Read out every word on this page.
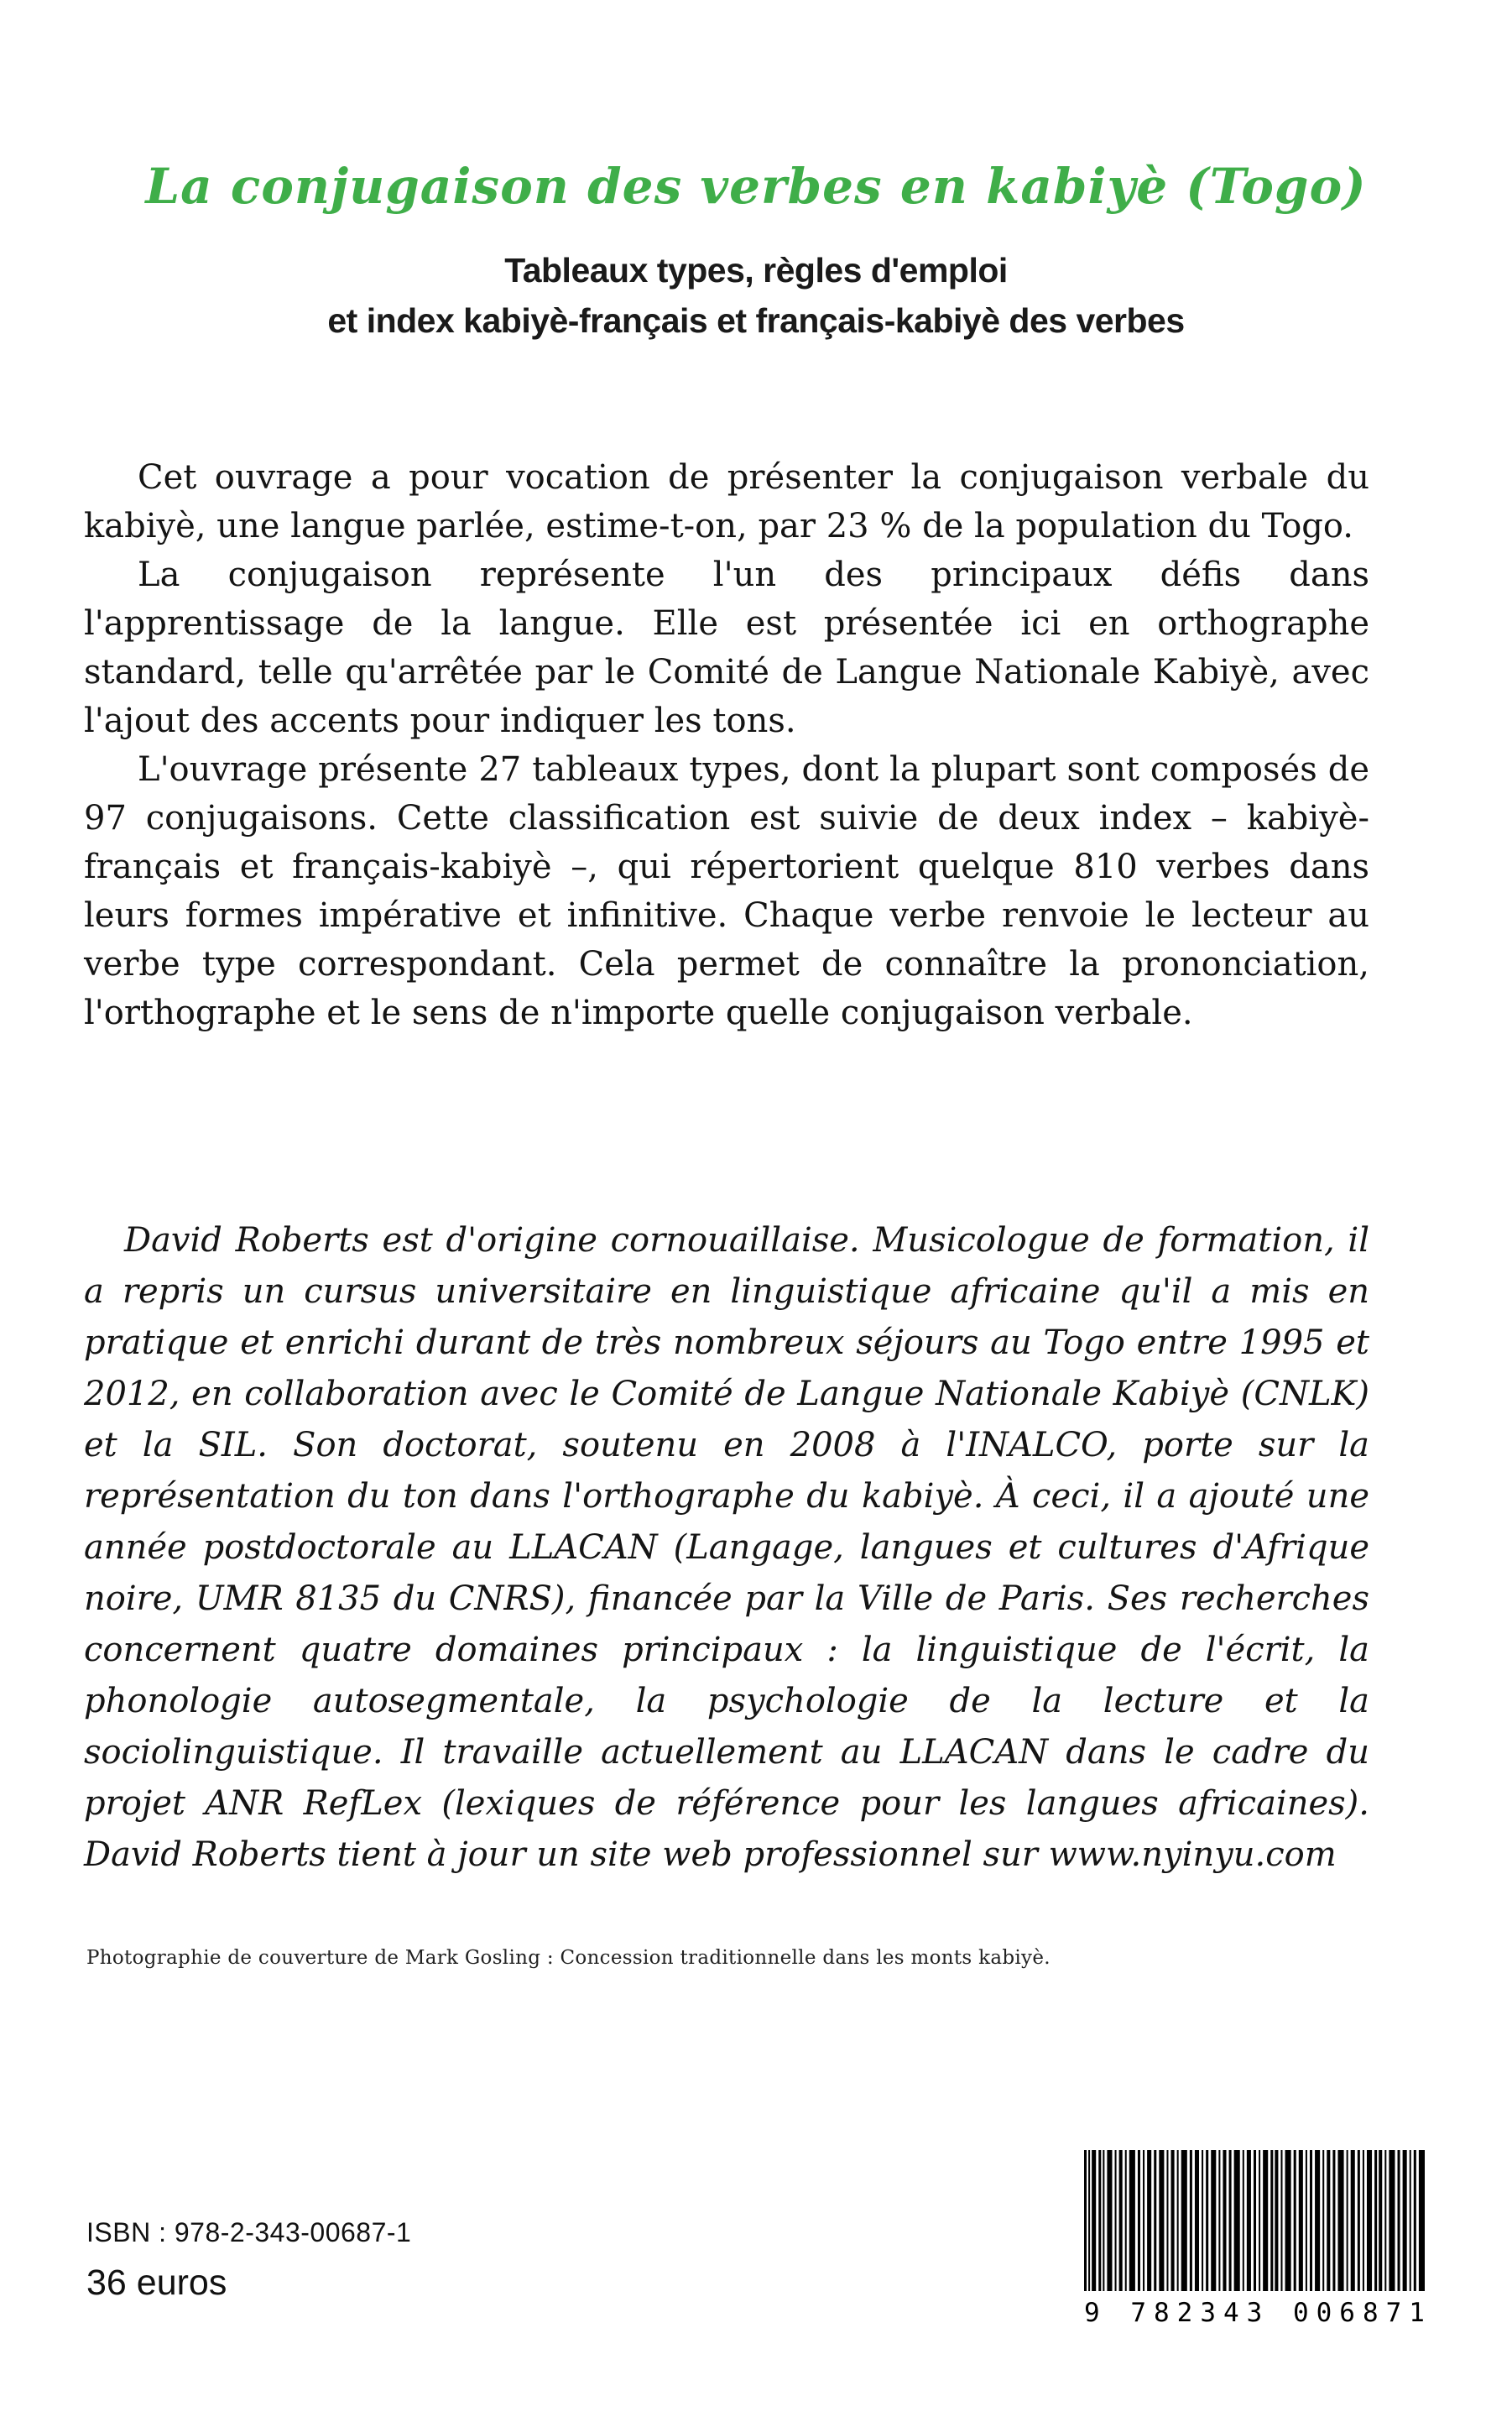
La conjugaison des verbes en kabiyè (Togo)
Tableaux types, règles d'emploi
et index kabiyè-français et français-kabiyè des verbes

Cet ouvrage a pour vocation de présenter la conjugaison verbale du kabiyè, une langue parlée, estime-t-on, par 23 % de la population du Togo.

La conjugaison représente l'un des principaux défis dans l'apprentissage de la langue. Elle est présentée ici en orthographe standard, telle qu'arrêtée par le Comité de Langue Nationale Kabiyè, avec l'ajout des accents pour indiquer les tons.

L'ouvrage présente 27 tableaux types, dont la plupart sont composés de 97 conjugaisons. Cette classification est suivie de deux index – kabiyè-français et français-kabiyè –, qui répertorient quelque 810 verbes dans leurs formes impérative et infinitive. Chaque verbe renvoie le lecteur au verbe type correspondant. Cela permet de connaître la prononciation, l'orthographe et le sens de n'importe quelle conjugaison verbale.

David Roberts est d'origine cornouaillaise. Musicologue de formation, il a repris un cursus universitaire en linguistique africaine qu'il a mis en pratique et enrichi durant de très nombreux séjours au Togo entre 1995 et 2012, en collaboration avec le Comité de Langue Nationale Kabiyè (CNLK) et la SIL. Son doctorat, soutenu en 2008 à l'INALCO, porte sur la représentation du ton dans l'orthographe du kabiyè. À ceci, il a ajouté une année postdoctorale au LLACAN (Langage, langues et cultures d'Afrique noire, UMR 8135 du CNRS), financée par la Ville de Paris. Ses recherches concernent quatre domaines principaux : la linguistique de l'écrit, la phonologie autosegmentale, la psychologie de la lecture et la sociolinguistique. Il travaille actuellement au LLACAN dans le cadre du projet ANR RefLex (lexiques de référence pour les langues africaines). David Roberts tient à jour un site web professionnel sur www.nyinyu.com

Photographie de couverture de Mark Gosling : Concession traditionnelle dans les monts kabiyè.
ISBN : 978-2-343-00687-1
36 euros
9 782343 006871
